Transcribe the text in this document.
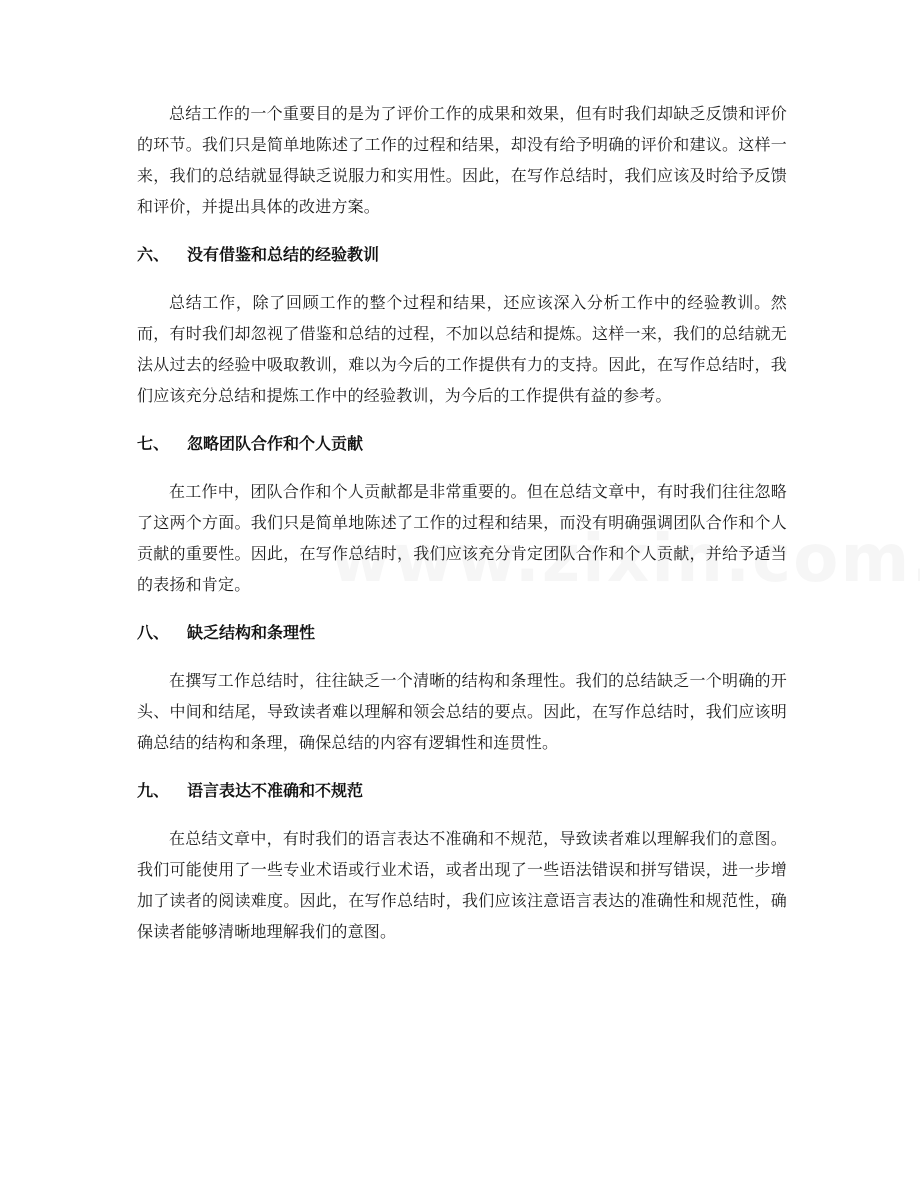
总结工作的一个重要目的是为了评价工作的成果和效果，但有时我们却缺乏反馈和评价的环节。我们只是简单地陈述了工作的过程和结果，却没有给予明确的评价和建议。这样一来，我们的总结就显得缺乏说服力和实用性。因此，在写作总结时，我们应该及时给予反馈和评价，并提出具体的改进方案。

六、	没有借鉴和总结的经验教训

总结工作，除了回顾工作的整个过程和结果，还应该深入分析工作中的经验教训。然而，有时我们却忽视了借鉴和总结的过程，不加以总结和提炼。这样一来，我们的总结就无法从过去的经验中吸取教训，难以为今后的工作提供有力的支持。因此，在写作总结时，我们应该充分总结和提炼工作中的经验教训，为今后的工作提供有益的参考。

七、	忽略团队合作和个人贡献

在工作中，团队合作和个人贡献都是非常重要的。但在总结文章中，有时我们往往忽略了这两个方面。我们只是简单地陈述了工作的过程和结果，而没有明确强调团队合作和个人贡献的重要性。因此，在写作总结时，我们应该充分肯定团队合作和个人贡献，并给予适当的表扬和肯定。

八、	缺乏结构和条理性

在撰写工作总结时，往往缺乏一个清晰的结构和条理性。我们的总结缺乏一个明确的开头、中间和结尾，导致读者难以理解和领会总结的要点。因此，在写作总结时，我们应该明确总结的结构和条理，确保总结的内容有逻辑性和连贯性。

九、	语言表达不准确和不规范

在总结文章中，有时我们的语言表达不准确和不规范，导致读者难以理解我们的意图。我们可能使用了一些专业术语或行业术语，或者出现了一些语法错误和拼写错误，进一步增加了读者的阅读难度。因此，在写作总结时，我们应该注意语言表达的准确性和规范性，确保读者能够清晰地理解我们的意图。
